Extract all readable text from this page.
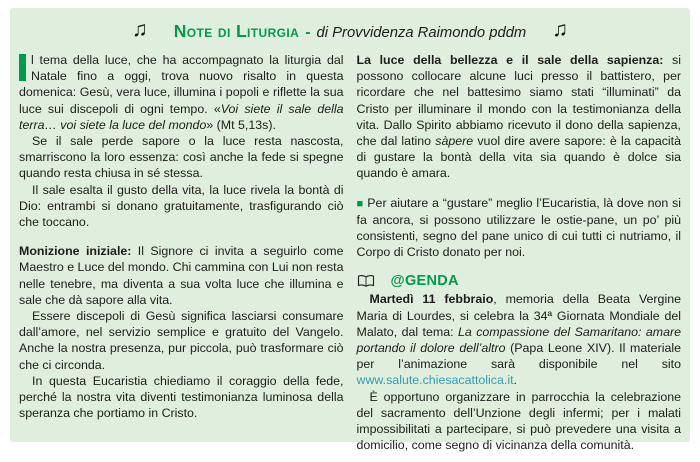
♫ Note di Liturgia - di Provvidenza Raimondo pddm ♫

l tema della luce, che ha accompagnato la liturgia dal Natale fino a oggi, trova nuovo risalto in questa domenica: Gesù, vera luce, illumina i popoli e riflette la sua luce sui discepoli di ogni tempo. «Voi siete il sale della terra… voi siete la luce del mondo» (Mt 5,13s).

Se il sale perde sapore o la luce resta nascosta, smarriscono la loro essenza: così anche la fede si spegne quando resta chiusa in sé stessa.

Il sale esalta il gusto della vita, la luce rivela la bontà di Dio: entrambi si donano gratuitamente, trasfigurando ciò che toccano.

Monizione iniziale: Il Signore ci invita a seguirlo come Maestro e Luce del mondo. Chi cammina con Lui non resta nelle tenebre, ma diventa a sua volta luce che illumina e sale che dà sapore alla vita.

Essere discepoli di Gesù significa lasciarsi consumare dall’amore, nel servizio semplice e gratuito del Vangelo. Anche la nostra presenza, pur piccola, può trasformare ciò che ci circonda.

In questa Eucaristia chiediamo il coraggio della fede, perché la nostra vita diventi testimonianza luminosa della speranza che portiamo in Cristo.

La luce della bellezza e il sale della sapienza: si possono collocare alcune luci presso il battistero, per ricordare che nel battesimo siamo stati “illuminati” da Cristo per illuminare il mondo con la testimonianza della vita. Dallo Spirito abbiamo ricevuto il dono della sapienza, che dal latino sàpere vuol dire avere sapore: è la capacità di gustare la bontà della vita sia quando è dolce sia quando è amara.

■ Per aiutare a “gustare” meglio l’Eucaristia, là dove non si fa ancora, si possono utilizzare le ostie-pane, un po’ più consistenti, segno del pane unico di cui tutti ci nutriamo, il Corpo di Cristo donato per noi.

@GENDA

Martedì 11 febbraio, memoria della Beata Vergine Maria di Lourdes, si celebra la 34ª Giornata Mondiale del Malato, dal tema: La compassione del Samaritano: amare portando il dolore dell’altro (Papa Leone XIV). Il materiale per l’animazione sarà disponibile nel sito www.salute.chiesacattolica.it.

È opportuno organizzare in parrocchia la celebrazione del sacramento dell’Unzione degli infermi; per i malati impossibilitati a partecipare, si può prevedere una visita a domicilio, come segno di vicinanza della comunità.
